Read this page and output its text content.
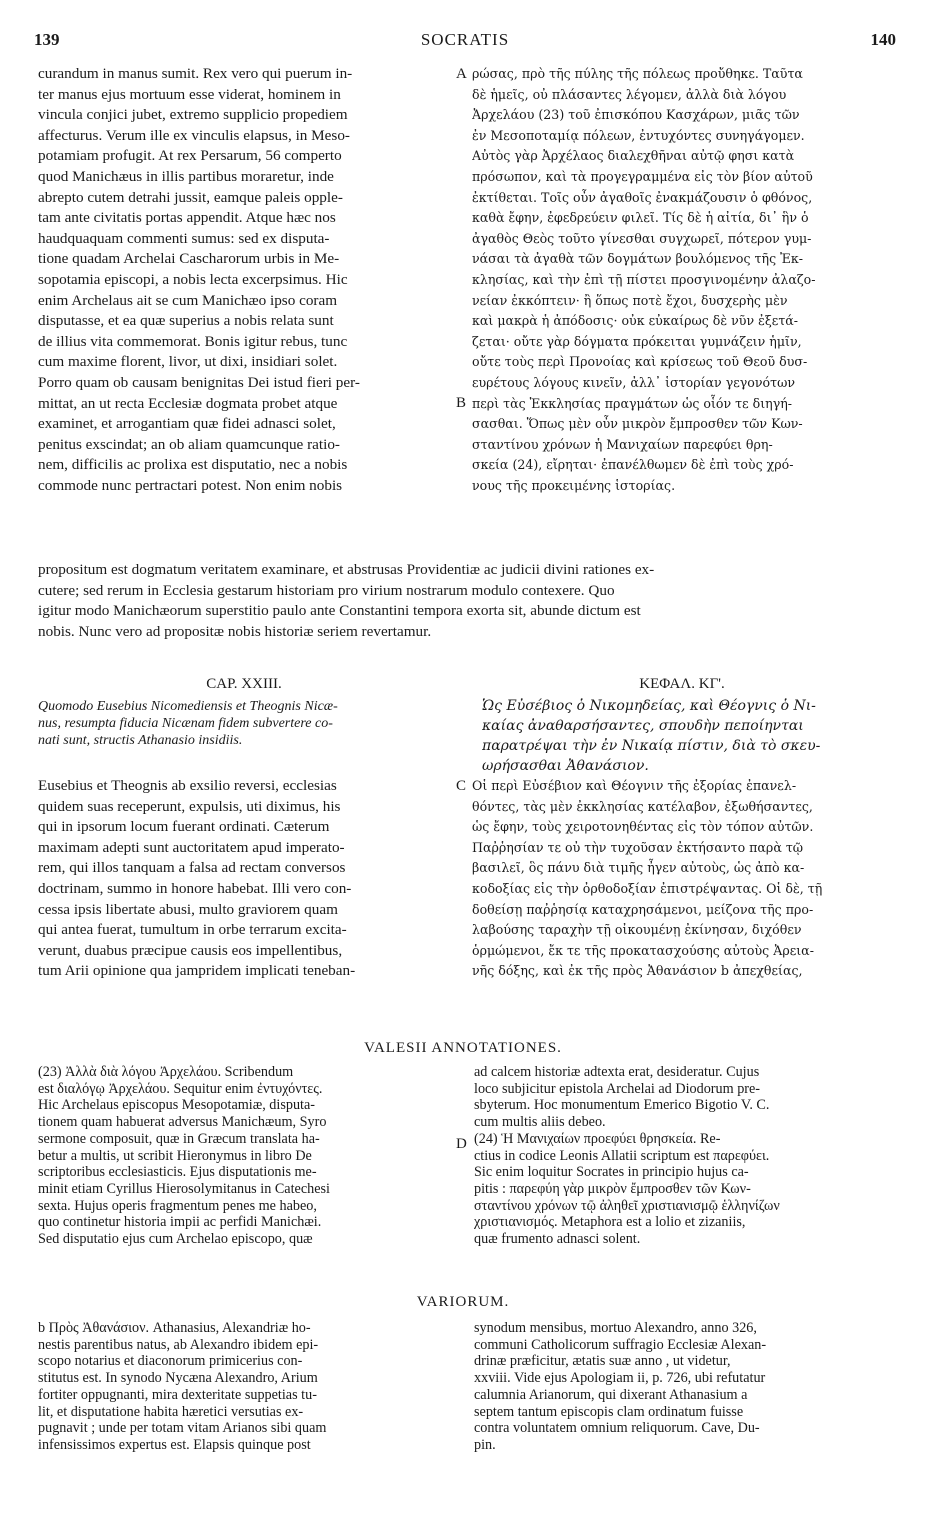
139	SOCRATIS	140
curandum in manus sumit. Rex vero qui puerum in-
ter manus ejus mortuum esse viderat, hominem in
vincula conjici jubet, extremo supplicio propediem
affecturus. Verum ille ex vinculis elapsus, in Meso-
potamiam profugit. At rex Persarum, 56 comperto
quod Manichæus in illis partibus moraretur, inde
abrepto cutem detrahi jussit, eamque paleis opple-
tam ante civitatis portas appendit. Atque hæc nos
haudquaquam commenti sumus: sed ex disputa-
tione quadam Archelai Cascharorum urbis in Me-
sopotamia episcopi, a nobis lecta excerpsimus. Hic
enim Archelaus ait se cum Manichæo ipso coram
disputasse, et ea quæ superius a nobis relata sunt
de illius vita commemorat. Bonis igitur rebus, tunc
cum maxime florent, livor, ut dixi, insidiari solet.
Porro quam ob causam benignitas Dei istud fieri per-
mittat, an ut recta Ecclesiæ dogmata probet atque
examinet, et arrogantiam quæ fidei adnasci solet,
penitus exscindat; an ob aliam quamcunque ratio-
nem, difficilis ac prolixa est disputatio, nec a nobis
commode nunc pertractari potest. Non enim nobis
ρώσας, πρὸ τῆς πύλης τῆς πόλεως προὔθηκε. Ταῦτα
δὲ ἡμεῖς, οὐ πλάσαντες λέγομεν, ἀλλὰ διὰ λόγου
Ἀρχελάου (23) τοῦ ἐπισκόπου Κασχάρων, μιᾶς τῶν
ἐν Μεσοποταμίᾳ πόλεων, ἐντυχόντες συνηγάγομεν.
Αὐτὸς γὰρ Ἀρχέλαος διαλεχθῆναι αὐτῷ φησι κατὰ
πρόσωπον, καὶ τὰ προγεγραμμένα εἰς τὸν βίον αὐτοῦ
ἐκτίθεται. Τοῖς οὖν ἀγαθοῖς ἐνακμάζουσιν ὁ φθόνος,
καθὰ ἔφην, ἐφεδρεύειν φιλεῖ. Τίς δὲ ἡ αἰτία, δι᾽ ἣν ὁ
ἀγαθὸς Θεὸς τοῦτο γίνεσθαι συγχωρεῖ, πότερον γυμ-
νάσαι τὰ ἀγαθὰ τῶν δογμάτων βουλόμενος τῆς Ἐκ-
κλησίας, καὶ τὴν ἐπὶ τῇ πίστει προσγινομένην ἀλαζο-
νείαν ἐκκόπτειν· ἢ ὅπως ποτὲ ἔχοι, δυσχερὴς μὲν
καὶ μακρὰ ἡ ἀπόδοσις· οὐκ εὐκαίρως δὲ νῦν ἐξετά-
ζεται· οὔτε γὰρ δόγματα πρόκειται γυμνάζειν ἡμῖν,
οὔτε τοὺς περὶ Προνοίας καὶ κρίσεως τοῦ Θεοῦ δυσ-
ευρέτους λόγους κινεῖν, ἀλλ᾽ ἱστορίαν γεγονότων
περὶ τὰς Ἐκκλησίας πραγμάτων ὡς οἷόν τε διηγή-
σασθαι. Ὅπως μὲν οὖν μικρὸν ἔμπροσθεν τῶν Κων-
σταντίνου χρόνων ἡ Μανιχαίων παρεφύει θρη-
σκεία (24), εἴρηται· ἐπανέλθωμεν δὲ ἐπὶ τοὺς χρό-
νους τῆς προκειμένης ἱστορίας.
A
B
propositum est dogmatum veritatem examinare, et abstrusas Providentiæ ac judicii divini rationes ex-
cutere; sed rerum in Ecclesia gestarum historiam pro virium nostrarum modulo contexere. Quo
igitur modo Manichæorum superstitio paulo ante Constantini tempora exorta sit, abunde dictum est
nobis. Nunc vero ad propositæ nobis historiæ seriem revertamur.
CAP. XXIII.	ΚΕΦΑΛ. ΚΓ'.
Quomodo Eusebius Nicomediensis et Theognis Nicæ-
nus, resumpta fiducia Nicænam fidem subvertere co-
nati sunt, structis Athanasio insidiis.
Ὡς Εὐσέβιος ὁ Νικομηδείας, καὶ Θέογνις ὁ Νι-
καίας ἀναθαρσήσαντες, σπουδὴν πεποίηνται
παρατρέψαι τὴν ἐν Νικαίᾳ πίστιν, διὰ τὸ σκευ-
ωρήσασθαι Ἀθανάσιον.
Eusebius et Theognis ab exsilio reversi, ecclesias
quidem suas receperunt, expulsis, uti diximus, his
qui in ipsorum locum fuerant ordinati. Cæterum
maximam adepti sunt auctoritatem apud imperato-
rem, qui illos tanquam a falsa ad rectam conversos
doctrinam, summo in honore habebat. Illi vero con-
cessa ipsis libertate abusi, multo graviorem quam
qui antea fuerat, tumultum in orbe terrarum excita-
verunt, duabus præcipue causis eos impellentibus,
tum Arii opinione qua jampridem implicati teneban-
Οἱ περὶ Εὐσέβιον καὶ Θέογνιν τῆς ἐξορίας ἐπανελ-
θόντες, τὰς μὲν ἐκκλησίας κατέλαβον, ἐξωθήσαντες,
ὡς ἔφην, τοὺς χειροτονηθέντας εἰς τὸν τόπον αὐτῶν.
Παῤῥησίαν τε οὐ τὴν τυχοῦσαν ἐκτήσαντο παρὰ τῷ
βασιλεῖ, ὃς πάνυ διὰ τιμῆς ἦγεν αὐτοὺς, ὡς ἀπὸ κα-
κοδοξίας εἰς τὴν ὀρθοδοξίαν ἐπιστρέψαντας. Οἱ δὲ, τῇ
δοθείσῃ παῤῥησίᾳ καταχρησάμενοι, μείζονα τῆς προ-
λαβούσης ταραχὴν τῇ οἰκουμένῃ ἐκίνησαν, διχόθεν
ὁρμώμενοι, ἔκ τε τῆς προκατασχούσης αὐτοὺς Ἀρεια-
νῆς δόξης, καὶ ἐκ τῆς πρὸς Ἀθανάσιον b ἀπεχθείας,
C
VALESII ANNOTATIONES.
(23) Ἀλλὰ διὰ λόγου Ἀρχελάου. Scribendum
est διαλόγῳ Ἀρχελάου. Sequitur enim ἐντυχόντες.
Hic Archelaus episcopus Mesopotamiæ, disputa-
tionem quam habuerat adversus Manichæum, Syro
sermone composuit, quæ in Græcum translata ha-
betur a multis, ut scribit Hieronymus in libro De
scriptoribus ecclesiasticis. Ejus disputationis me-
minit etiam Cyrillus Hierosolymitanus in Catechesi
sexta. Hujus operis fragmentum penes me habeo,
quo continetur historia impii ac perfidi Manichæi.
Sed disputatio ejus cum Archelao episcopo, quæ
ad calcem historiæ adtexta erat, desideratur. Cujus
loco subjicitur epistola Archelai ad Diodorum pre-
sbyterum. Hoc monumentum Emerico Bigotio V. C.
cum multis aliis debeo.
(24) Ἡ Μανιχαίων προεφύει θρησκεία. Re-
ctius in codice Leonis Allatii scriptum est παρεφύει.
Sic enim loquitur Socrates in principio hujus ca-
pitis : παρεφύη γὰρ μικρὸν ἔμπροσθεν τῶν Κων-
σταντίνου χρόνων τῷ ἀληθεῖ χριστιανισμῷ ἑλληνίζων
χριστιανισμός. Metaphora est a lolio et zizaniis,
quæ frumento adnasci solent.
D
VARIORUM.
b Πρὸς Ἀθανάσιον. Athanasius, Alexandriæ ho-
nestis parentibus natus, ab Alexandro ibidem epi-
scopo notarius et diaconorum primicerius con-
stitutus est. In synodo Nycæna Alexandro, Arium
fortiter oppugnanti, mira dexteritate suppetias tu-
lit, et disputatione habita hæretici versutias ex-
pugnavit ; unde per totam vitam Arianos sibi quam
infensissimos expertus est. Elapsis quinque post
synodum mensibus, mortuo Alexandro, anno 326,
communi Catholicorum suffragio Ecclesiæ Alexan-
drinæ præficitur, ætatis suæ anno , ut videtur,
xxviii. Vide ejus Apologiam ii, p. 726, ubi refutatur
calumnia Arianorum, qui dixerant Athanasium a
septem tantum episcopis clam ordinatum fuisse
contra voluntatem omnium reliquorum. Cave, Du-
pin.
